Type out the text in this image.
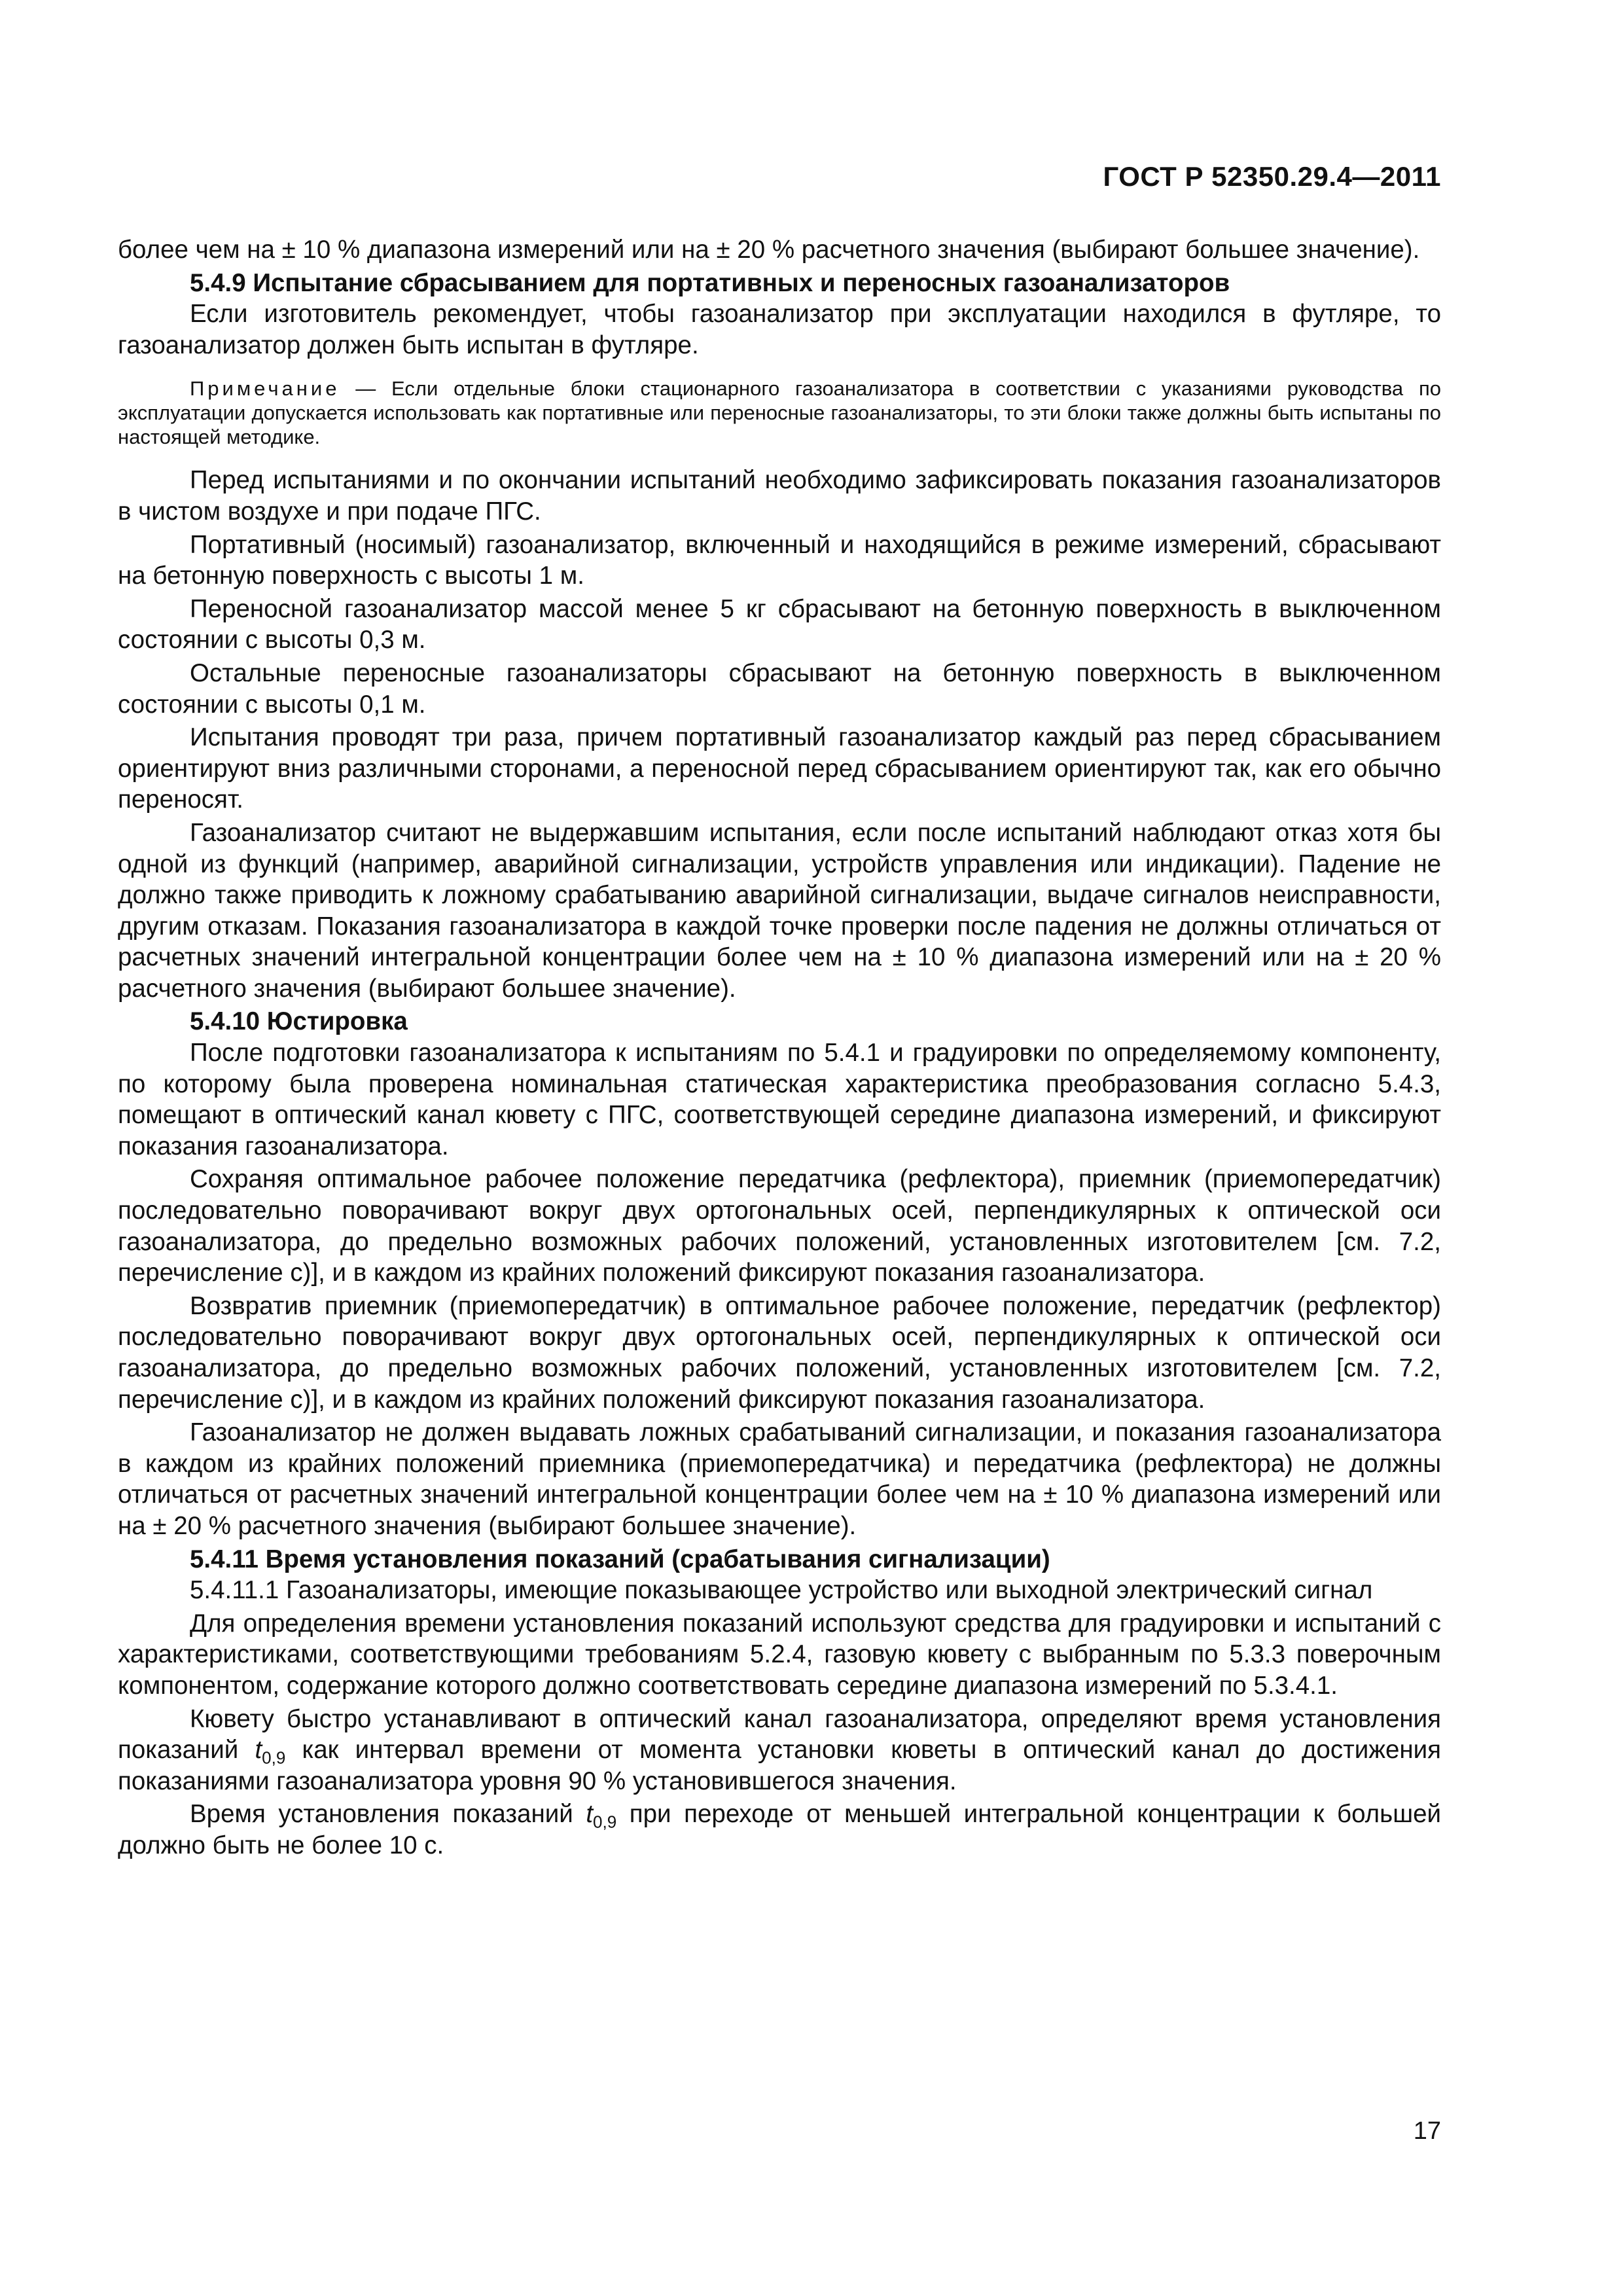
ГОСТ Р 52350.29.4—2011

более чем на ± 10 % диапазона измерений или на ± 20 % расчетного значения (выбирают большее значение).

5.4.9 Испытание сбрасыванием для портативных и переносных газоанализаторов

Если изготовитель рекомендует, чтобы газоанализатор при эксплуатации находился в футляре, то газоанализатор должен быть испытан в футляре.

Примечание — Если отдельные блоки стационарного газоанализатора в соответствии с указаниями руководства по эксплуатации допускается использовать как портативные или переносные газоанализаторы, то эти блоки также должны быть испытаны по настоящей методике.

Перед испытаниями и по окончании испытаний необходимо зафиксировать показания газоанализаторов в чистом воздухе и при подаче ПГС.

Портативный (носимый) газоанализатор, включенный и находящийся в режиме измерений, сбрасывают на бетонную поверхность с высоты 1 м.

Переносной газоанализатор массой менее 5 кг сбрасывают на бетонную поверхность в выключенном состоянии с высоты 0,3 м.

Остальные переносные газоанализаторы сбрасывают на бетонную поверхность в выключенном состоянии с высоты 0,1 м.

Испытания проводят три раза, причем портативный газоанализатор каждый раз перед сбрасыванием ориентируют вниз различными сторонами, а переносной перед сбрасыванием ориентируют так, как его обычно переносят.

Газоанализатор считают не выдержавшим испытания, если после испытаний наблюдают отказ хотя бы одной из функций (например, аварийной сигнализации, устройств управления или индикации). Падение не должно также приводить к ложному срабатыванию аварийной сигнализации, выдаче сигналов неисправности, другим отказам. Показания газоанализатора в каждой точке проверки после падения не должны отличаться от расчетных значений интегральной концентрации более чем на ± 10 % диапазона измерений или на ± 20 % расчетного значения (выбирают большее значение).

5.4.10 Юстировка

После подготовки газоанализатора к испытаниям по 5.4.1 и градуировки по определяемому компоненту, по которому была проверена номинальная статическая характеристика преобразования согласно 5.4.3, помещают в оптический канал кювету с ПГС, соответствующей середине диапазона измерений, и фиксируют показания газоанализатора.

Сохраняя оптимальное рабочее положение передатчика (рефлектора), приемник (приемопередатчик) последовательно поворачивают вокруг двух ортогональных осей, перпендикулярных к оптической оси газоанализатора, до предельно возможных рабочих положений, установленных изготовителем [см. 7.2, перечисление с)], и в каждом из крайних положений фиксируют показания газоанализатора.

Возвратив приемник (приемопередатчик) в оптимальное рабочее положение, передатчик (рефлектор) последовательно поворачивают вокруг двух ортогональных осей, перпендикулярных к оптической оси газоанализатора, до предельно возможных рабочих положений, установленных изготовителем [см. 7.2, перечисление с)], и в каждом из крайних положений фиксируют показания газоанализатора.

Газоанализатор не должен выдавать ложных срабатываний сигнализации, и показания газоанализатора в каждом из крайних положений приемника (приемопередатчика) и передатчика (рефлектора) не должны отличаться от расчетных значений интегральной концентрации более чем на ± 10 % диапазона измерений или на ± 20 % расчетного значения (выбирают большее значение).

5.4.11 Время установления показаний (срабатывания сигнализации)

5.4.11.1 Газоанализаторы, имеющие показывающее устройство или выходной электрический сигнал

Для определения времени установления показаний используют средства для градуировки и испытаний с характеристиками, соответствующими требованиям 5.2.4, газовую кювету с выбранным по 5.3.3 поверочным компонентом, содержание которого должно соответствовать середине диапазона измерений по 5.3.4.1.

Кювету быстро устанавливают в оптический канал газоанализатора, определяют время установления показаний $t_{0,9}$ как интервал времени от момента установки кюветы в оптический канал до достижения показаниями газоанализатора уровня 90 % установившегося значения.

Время установления показаний $t_{0,9}$ при переходе от меньшей интегральной концентрации к большей должно быть не более 10 с.

17
